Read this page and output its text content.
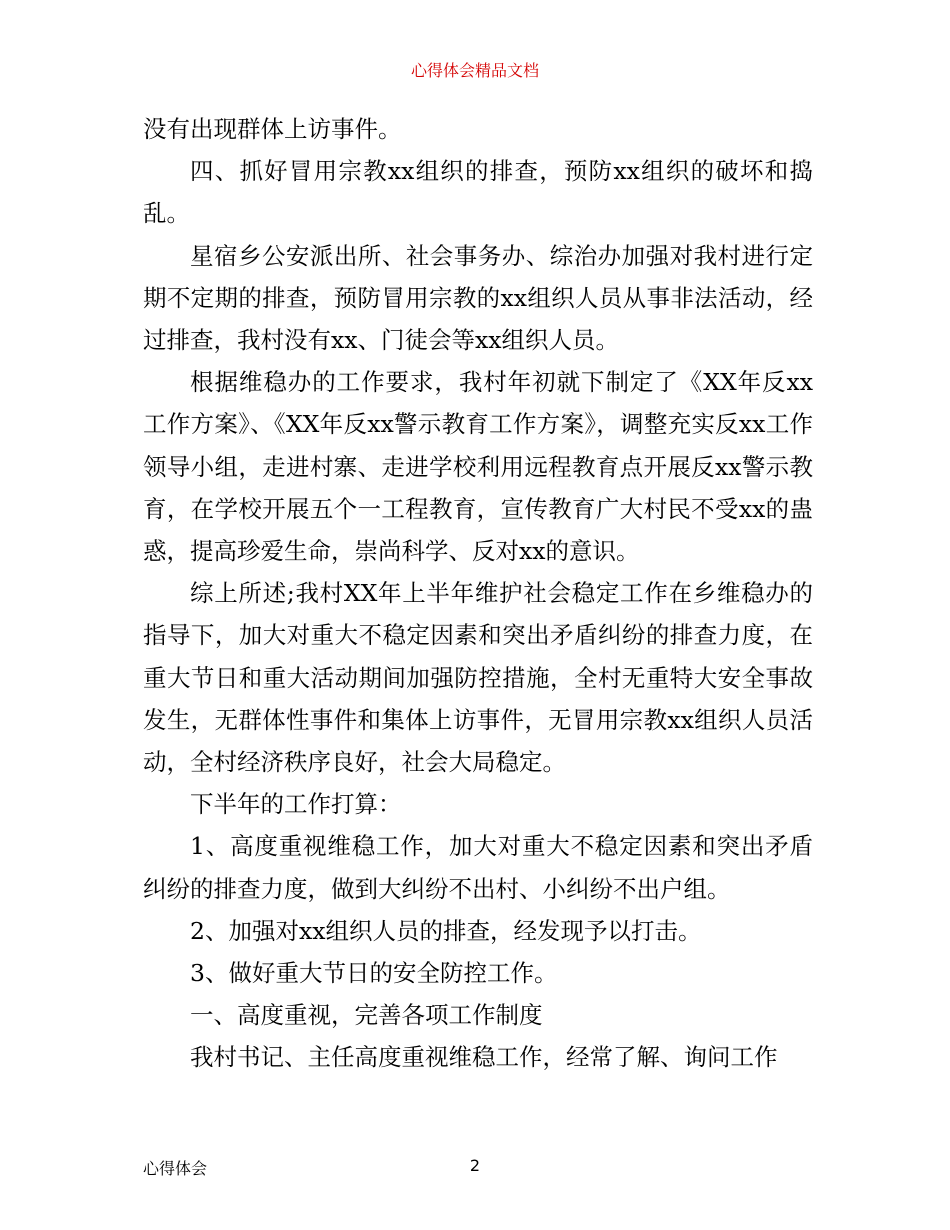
心得体会精品文档

没有出现群体上访事件。

四、抓好冒用宗教xx组织的排查，预防xx组织的破坏和捣乱。

星宿乡公安派出所、社会事务办、综治办加强对我村进行定期不定期的排查，预防冒用宗教的xx组织人员从事非法活动，经过排查，我村没有xx、门徒会等xx组织人员。

根据维稳办的工作要求，我村年初就下制定了《XX年反xx工作方案》、《XX年反xx警示教育工作方案》，调整充实反xx工作领导小组，走进村寨、走进学校利用远程教育点开展反xx警示教育，在学校开展五个一工程教育，宣传教育广大村民不受xx的蛊惑，提高珍爱生命，崇尚科学、反对xx的意识。

综上所述;我村XX年上半年维护社会稳定工作在乡维稳办的指导下，加大对重大不稳定因素和突出矛盾纠纷的排查力度，在重大节日和重大活动期间加强防控措施，全村无重特大安全事故发生，无群体性事件和集体上访事件，无冒用宗教xx组织人员活动，全村经济秩序良好，社会大局稳定。

下半年的工作打算：

1、高度重视维稳工作，加大对重大不稳定因素和突出矛盾纠纷的排查力度，做到大纠纷不出村、小纠纷不出户组。

2、加强对xx组织人员的排查，经发现予以打击。

3、做好重大节日的安全防控工作。

一、高度重视，完善各项工作制度

我村书记、主任高度重视维稳工作，经常了解、询问工作

心得体会	2
